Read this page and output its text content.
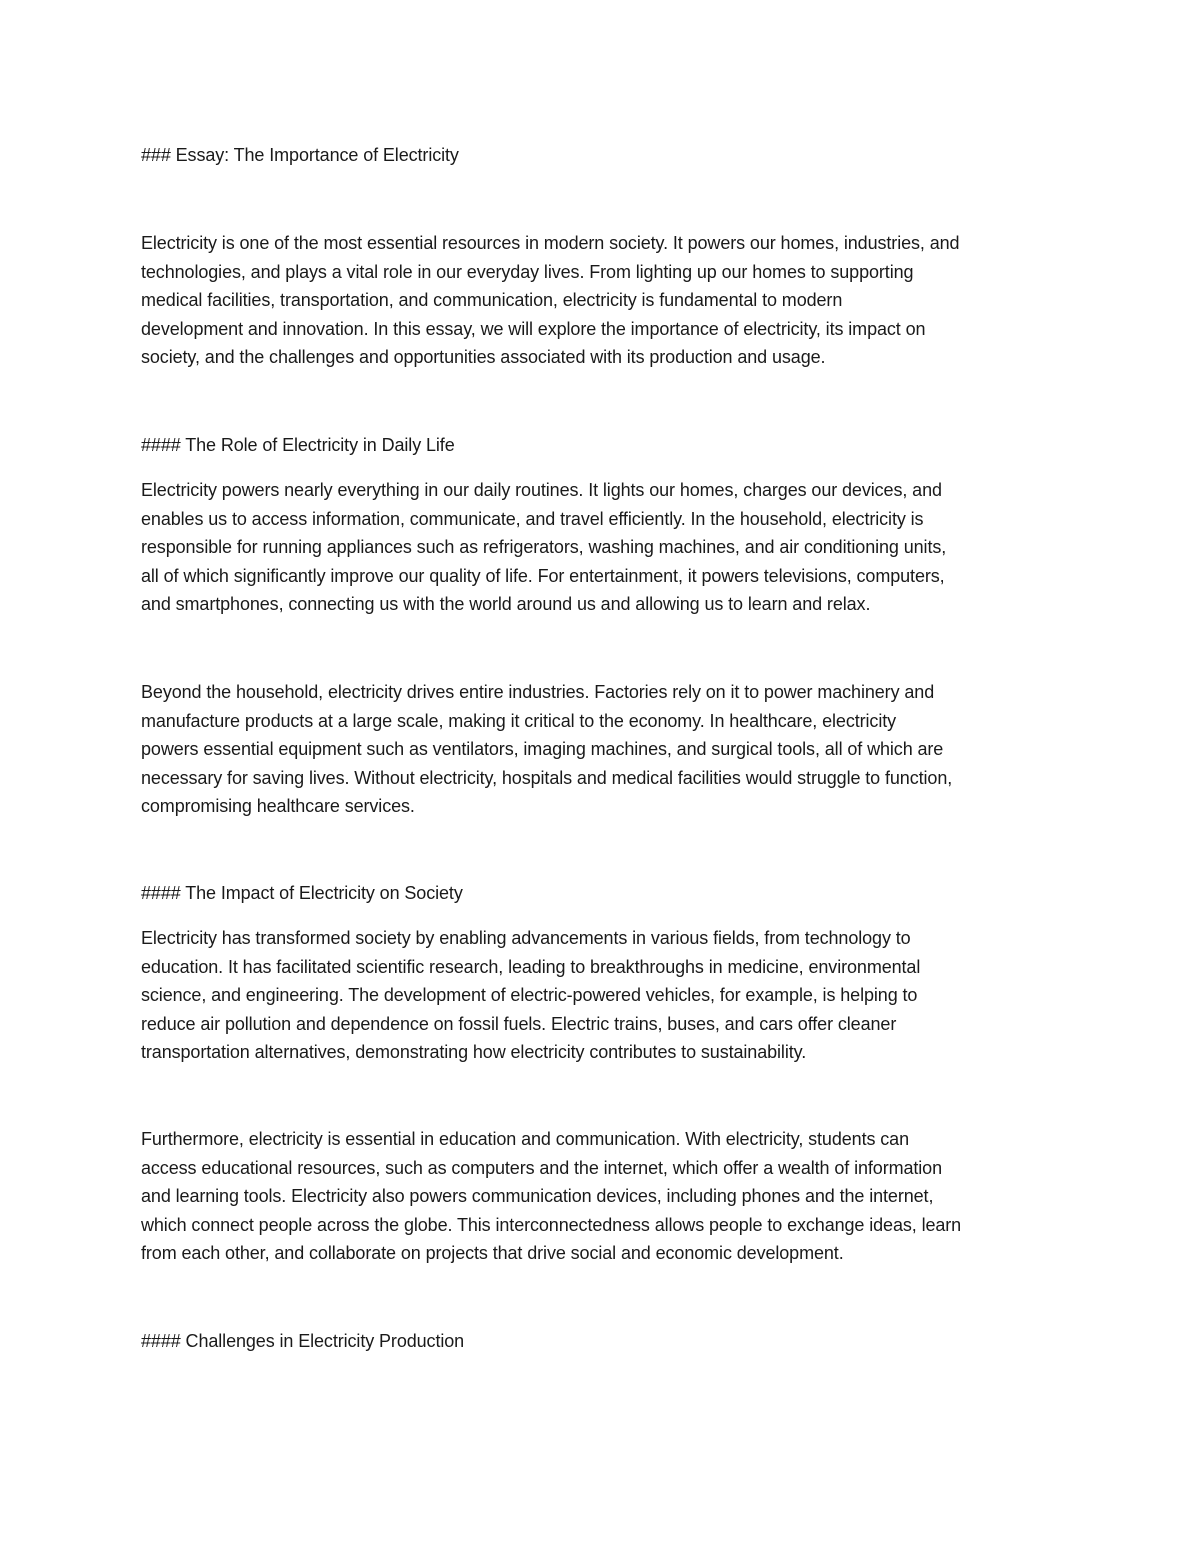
### Essay: The Importance of Electricity

Electricity is one of the most essential resources in modern society. It powers our homes, industries, and
technologies, and plays a vital role in our everyday lives. From lighting up our homes to supporting
medical facilities, transportation, and communication, electricity is fundamental to modern
development and innovation. In this essay, we will explore the importance of electricity, its impact on
society, and the challenges and opportunities associated with its production and usage.

#### The Role of Electricity in Daily Life

Electricity powers nearly everything in our daily routines. It lights our homes, charges our devices, and
enables us to access information, communicate, and travel efficiently. In the household, electricity is
responsible for running appliances such as refrigerators, washing machines, and air conditioning units,
all of which significantly improve our quality of life. For entertainment, it powers televisions, computers,
and smartphones, connecting us with the world around us and allowing us to learn and relax.

Beyond the household, electricity drives entire industries. Factories rely on it to power machinery and
manufacture products at a large scale, making it critical to the economy. In healthcare, electricity
powers essential equipment such as ventilators, imaging machines, and surgical tools, all of which are
necessary for saving lives. Without electricity, hospitals and medical facilities would struggle to function,
compromising healthcare services.

#### The Impact of Electricity on Society

Electricity has transformed society by enabling advancements in various fields, from technology to
education. It has facilitated scientific research, leading to breakthroughs in medicine, environmental
science, and engineering. The development of electric-powered vehicles, for example, is helping to
reduce air pollution and dependence on fossil fuels. Electric trains, buses, and cars offer cleaner
transportation alternatives, demonstrating how electricity contributes to sustainability.

Furthermore, electricity is essential in education and communication. With electricity, students can
access educational resources, such as computers and the internet, which offer a wealth of information
and learning tools. Electricity also powers communication devices, including phones and the internet,
which connect people across the globe. This interconnectedness allows people to exchange ideas, learn
from each other, and collaborate on projects that drive social and economic development.

#### Challenges in Electricity Production
